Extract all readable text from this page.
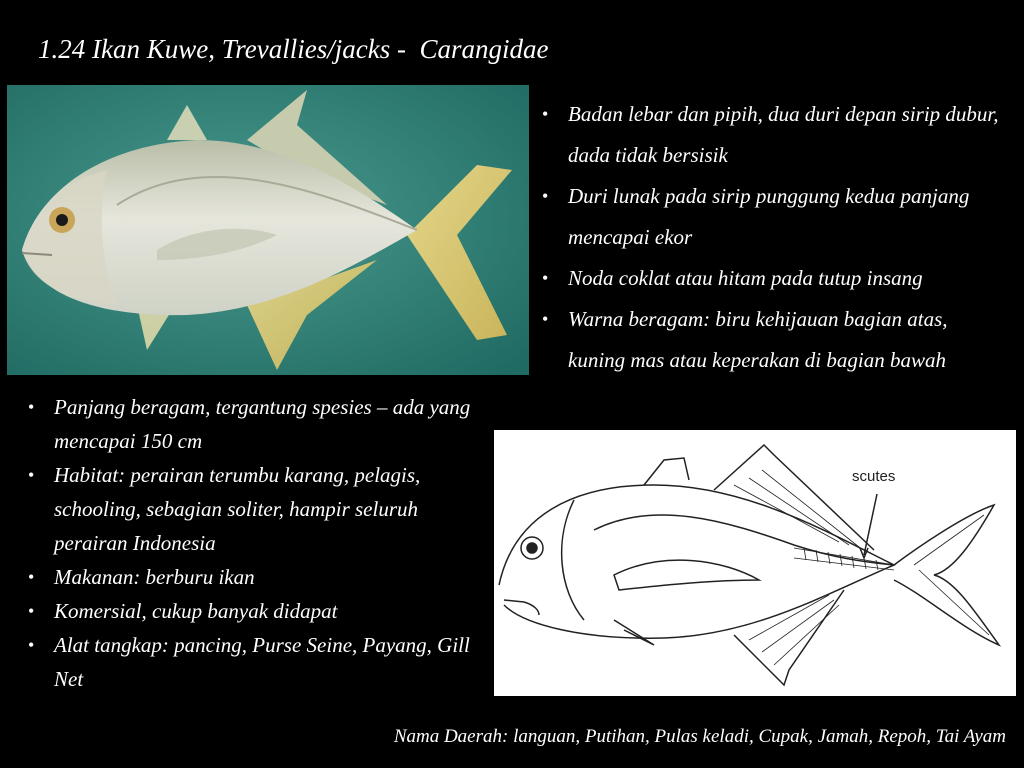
1.24 Ikan Kuwe, Trevallies/jacks -  Carangidae
• Badan lebar dan pipih, dua duri depan sirip dubur, dada tidak bersisik
• Duri lunak pada sirip punggung kedua panjang mencapai ekor
• Noda coklat atau hitam pada tutup insang
• Warna beragam: biru kehijauan bagian atas, kuning mas atau keperakan di bagian bawah
• Panjang beragam, tergantung spesies – ada yang mencapai 150 cm
• Habitat: perairan terumbu karang, pelagis, schooling, sebagian soliter, hampir seluruh perairan Indonesia
• Makanan: berburu ikan
• Komersial, cukup banyak didapat
• Alat tangkap: pancing, Purse Seine, Payang, Gill Net
scutes
Nama Daerah: languan, Putihan, Pulas keladi, Cupak, Jamah, Repoh, Tai Ayam
